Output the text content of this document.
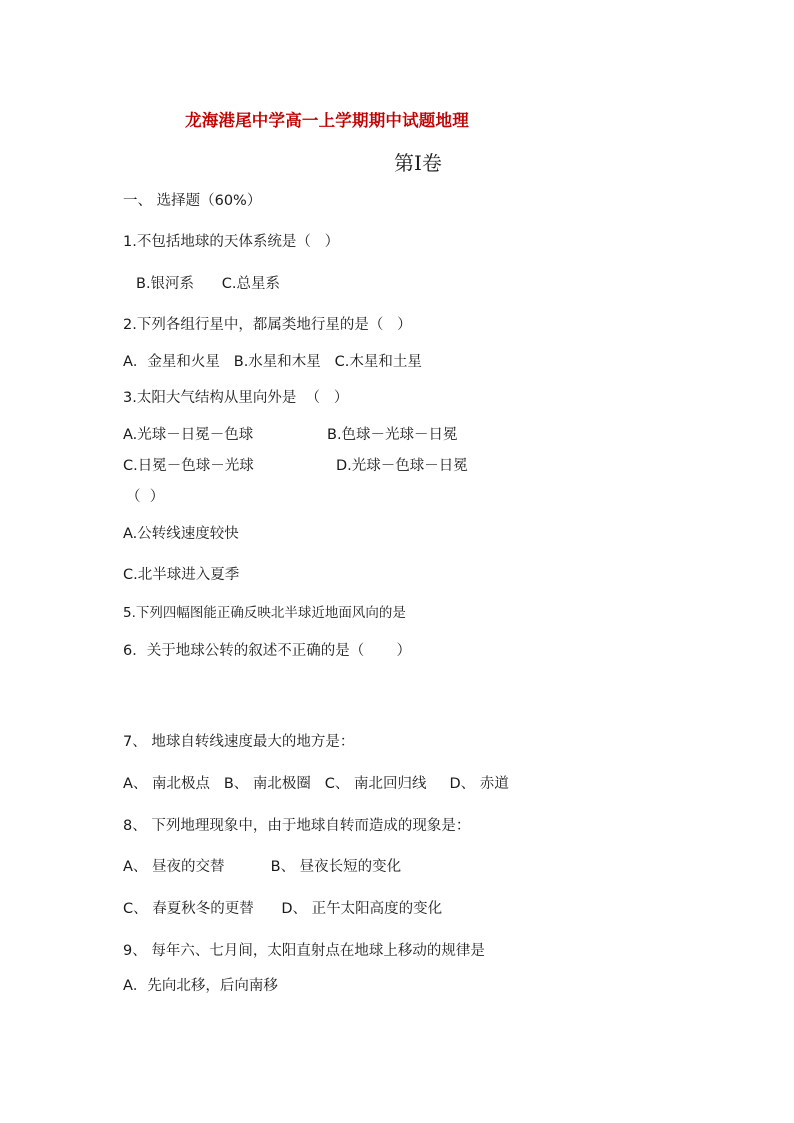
龙海港尾中学高一上学期期中试题地理
第Ⅰ卷
一、 选择题（60%）
1.不包括地球的天体系统是（   ）
B.银河系      C.总星系
2.下列各组行星中，都属类地行星的是（   ）
A．金星和火星   B.水星和木星   C.木星和土星
3.太阳大气结构从里向外是  （   ）
A.光球－日冕－色球	B.色球－光球－日冕
C.日冕－色球－光球	D.光球－色球－日冕
（  ）
A.公转线速度较快
C.北半球进入夏季
5.下列四幅图能正确反映北半球近地面风向的是
6．关于地球公转的叙述不正确的是（       ）
7、 地球自转线速度最大的地方是：
A、 南北极点   B、 南北极圈   C、 南北回归线     D、 赤道
8、 下列地理现象中，由于地球自转而造成的现象是：
A、 昼夜的交替          B、 昼夜长短的变化
C、 春夏秋冬的更替      D、 正午太阳高度的变化
9、 每年六、七月间，太阳直射点在地球上移动的规律是
A．先向北移，后向南移
